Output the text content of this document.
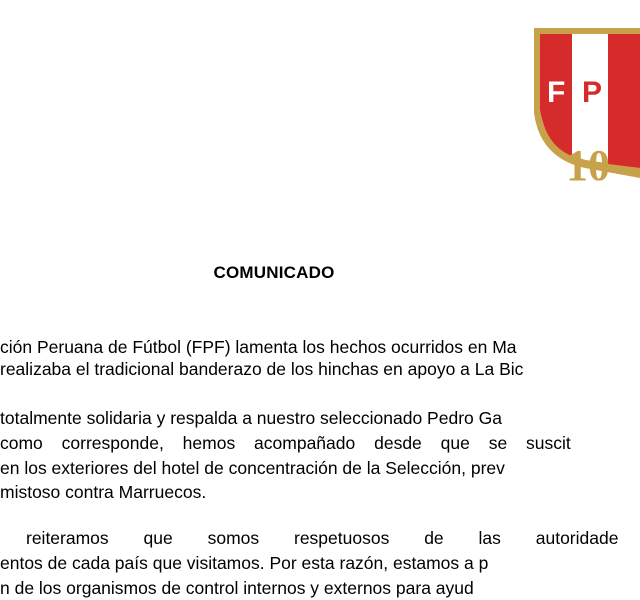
F P
10
COMUNICADO
ción Peruana de Fútbol (FPF) lamenta los hechos ocurridos en Ma
realizaba el tradicional banderazo de los hinchas en apoyo a La Bic
totalmente solidaria y respalda a nuestro seleccionado Pedro Ga
como corresponde, hemos acompañado desde que se suscit
en los exteriores del hotel de concentración de la Selección, prev
mistoso contra Marruecos.
reiteramos que somos respetuosos de las autoridade
entos de cada país que visitamos. Por esta razón, estamos a p
n de los organismos de control internos y externos para ayud
